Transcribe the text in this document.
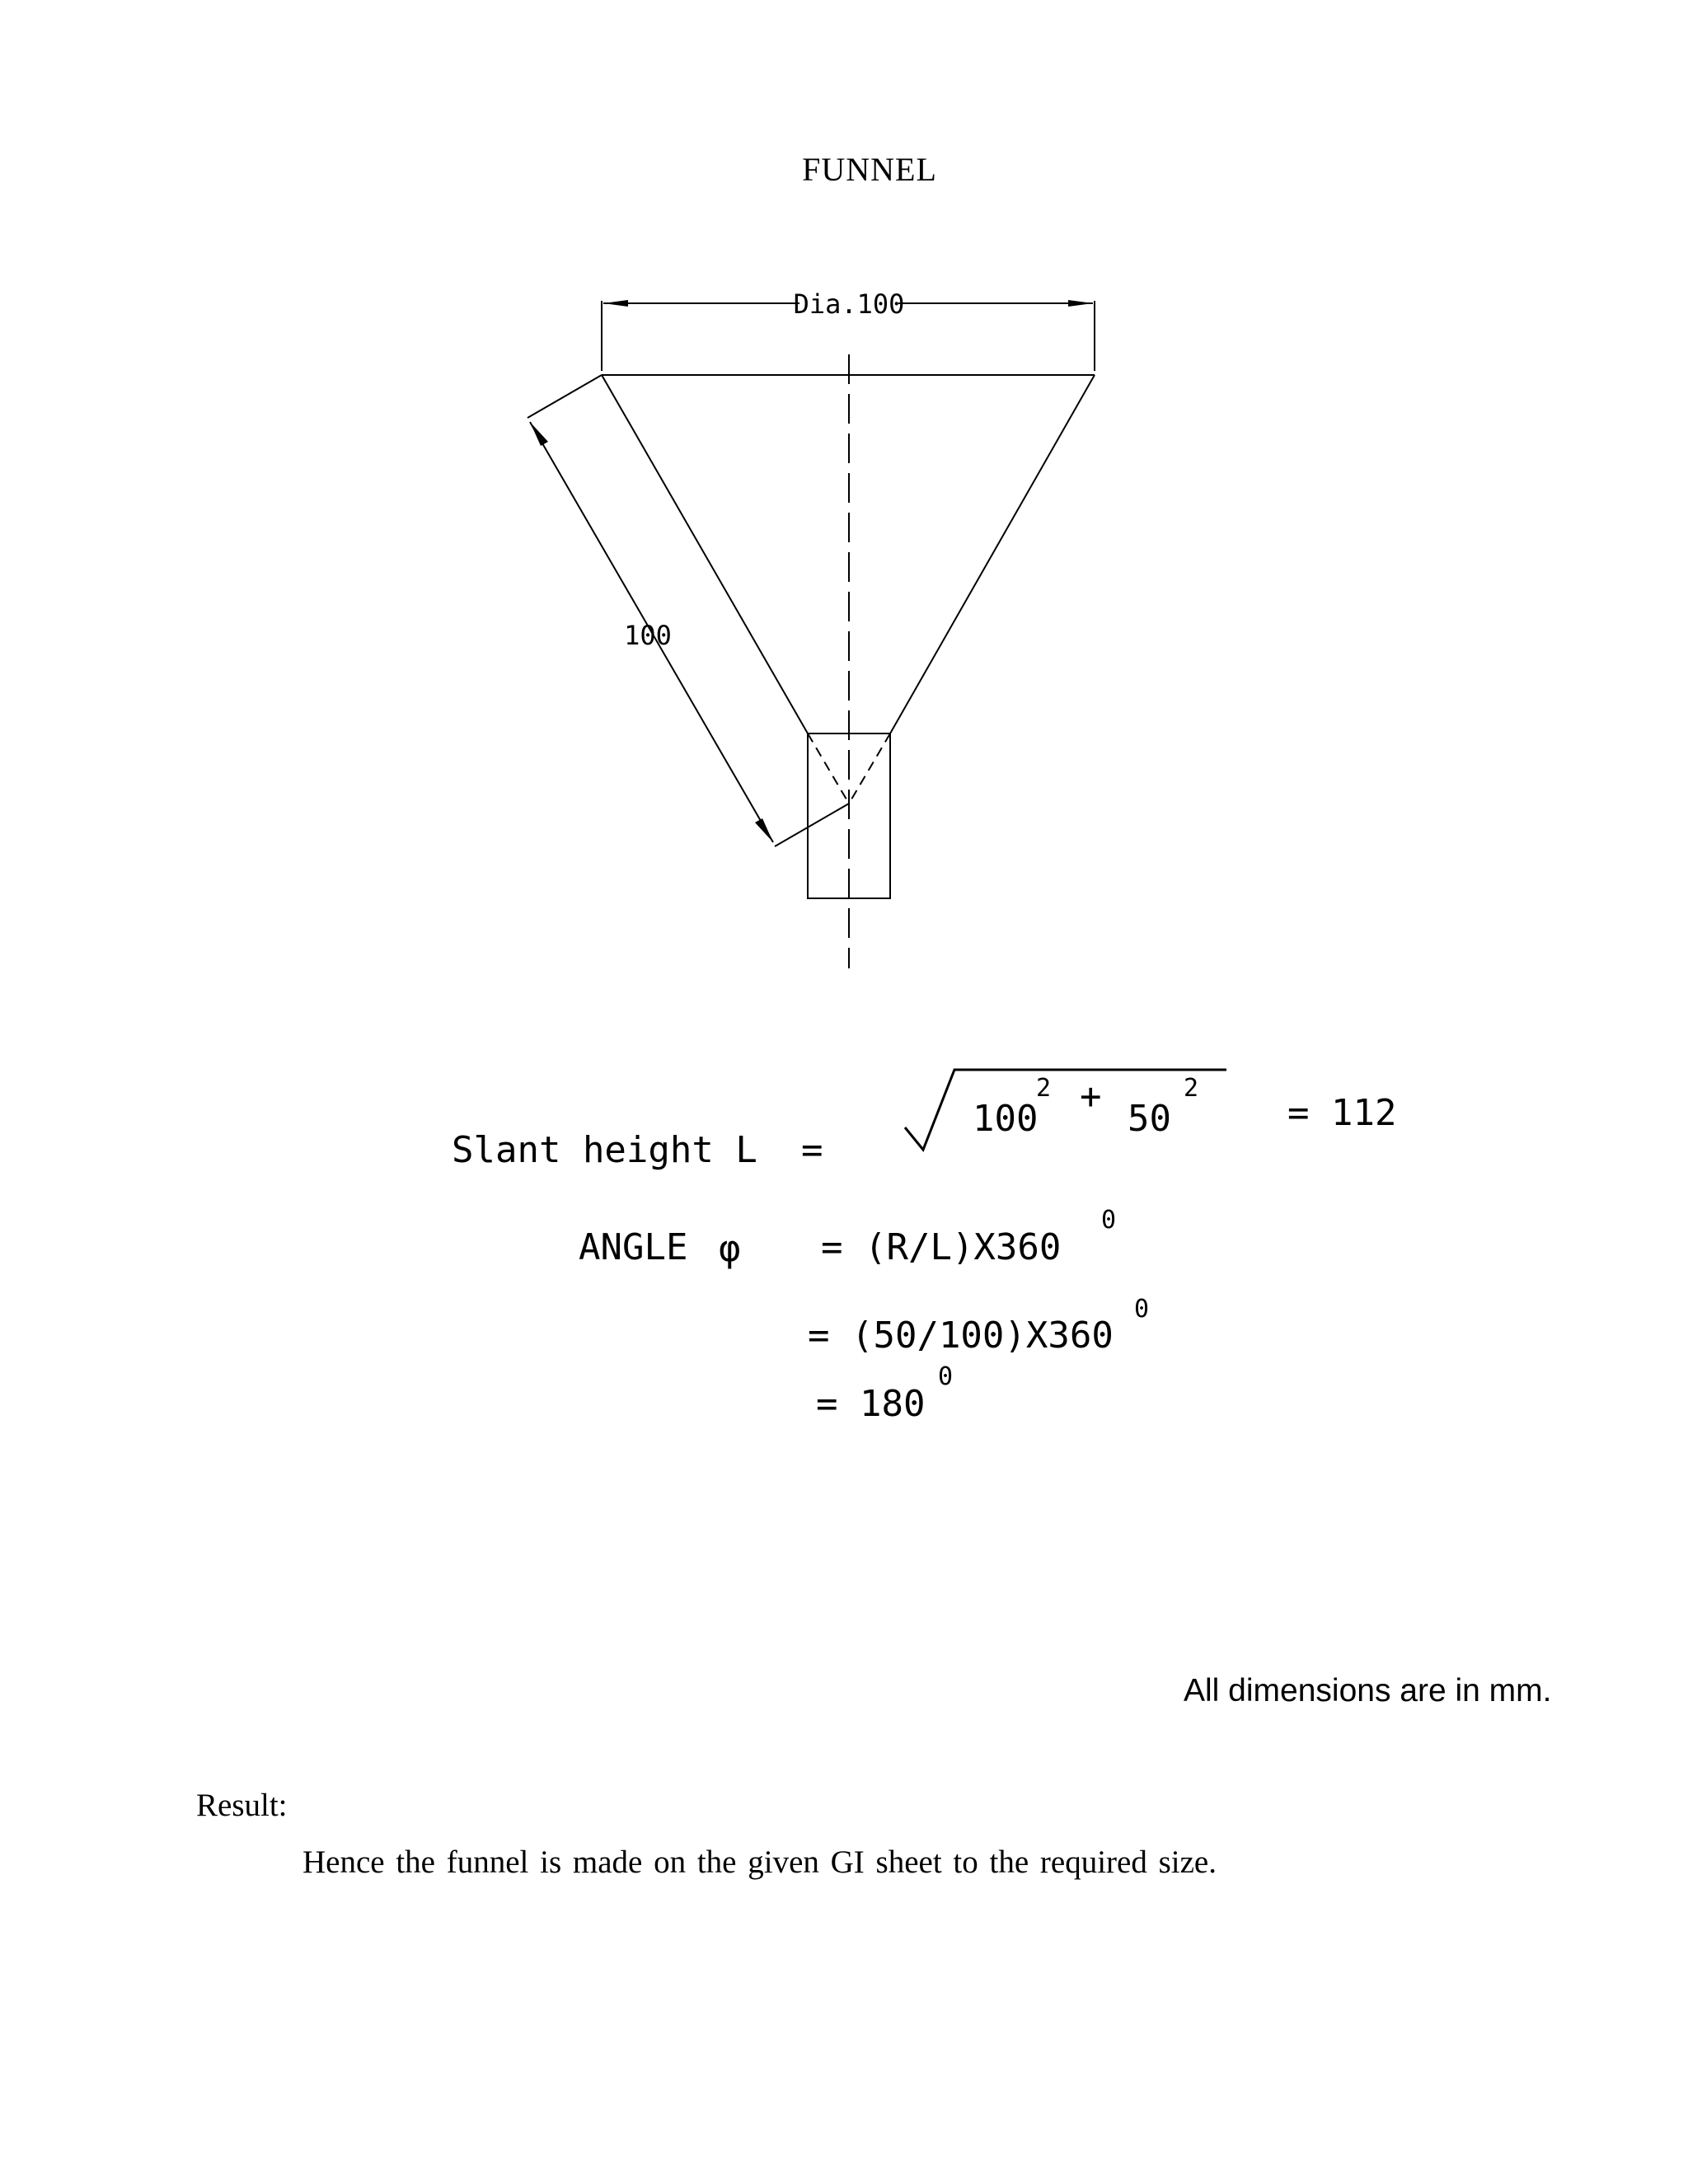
FUNNEL
Dia.100
100
Slant height L =
100
2 +
50
2
= 112
ANGLE φ = (R/L)X360
0
= (50/100)X360
0
= 180
0
All dimensions are in mm.
Result:
Hence the funnel is made on the given GI sheet to the required size.
